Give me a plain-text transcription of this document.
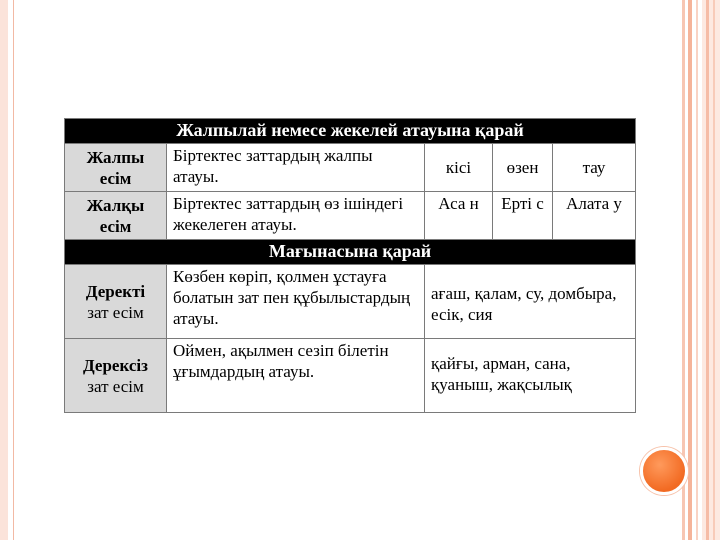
Жалпылай немесе жекелей атауына қарай				

Жалпы
есім	Біртектес заттардың жалпы атауы.	кісі	өзен	тау

Жалқы
есім	Біртектес заттардың өз ішіндегі жекелеген атауы.	Аса н	Ерті с	Алата у
Мағынасына қарай				

Деректі
зат есім	Көзбен көріп, қолмен ұстауға болатын зат пен құбылыстардың атауы.	ағаш, қалам, су, домбыра, есік, сия		

Дерексіз
зат есім	Оймен, ақылмен сезіп білетін ұғымдардың атауы.	қайғы, арман, сана, қуаныш, жақсылық		
